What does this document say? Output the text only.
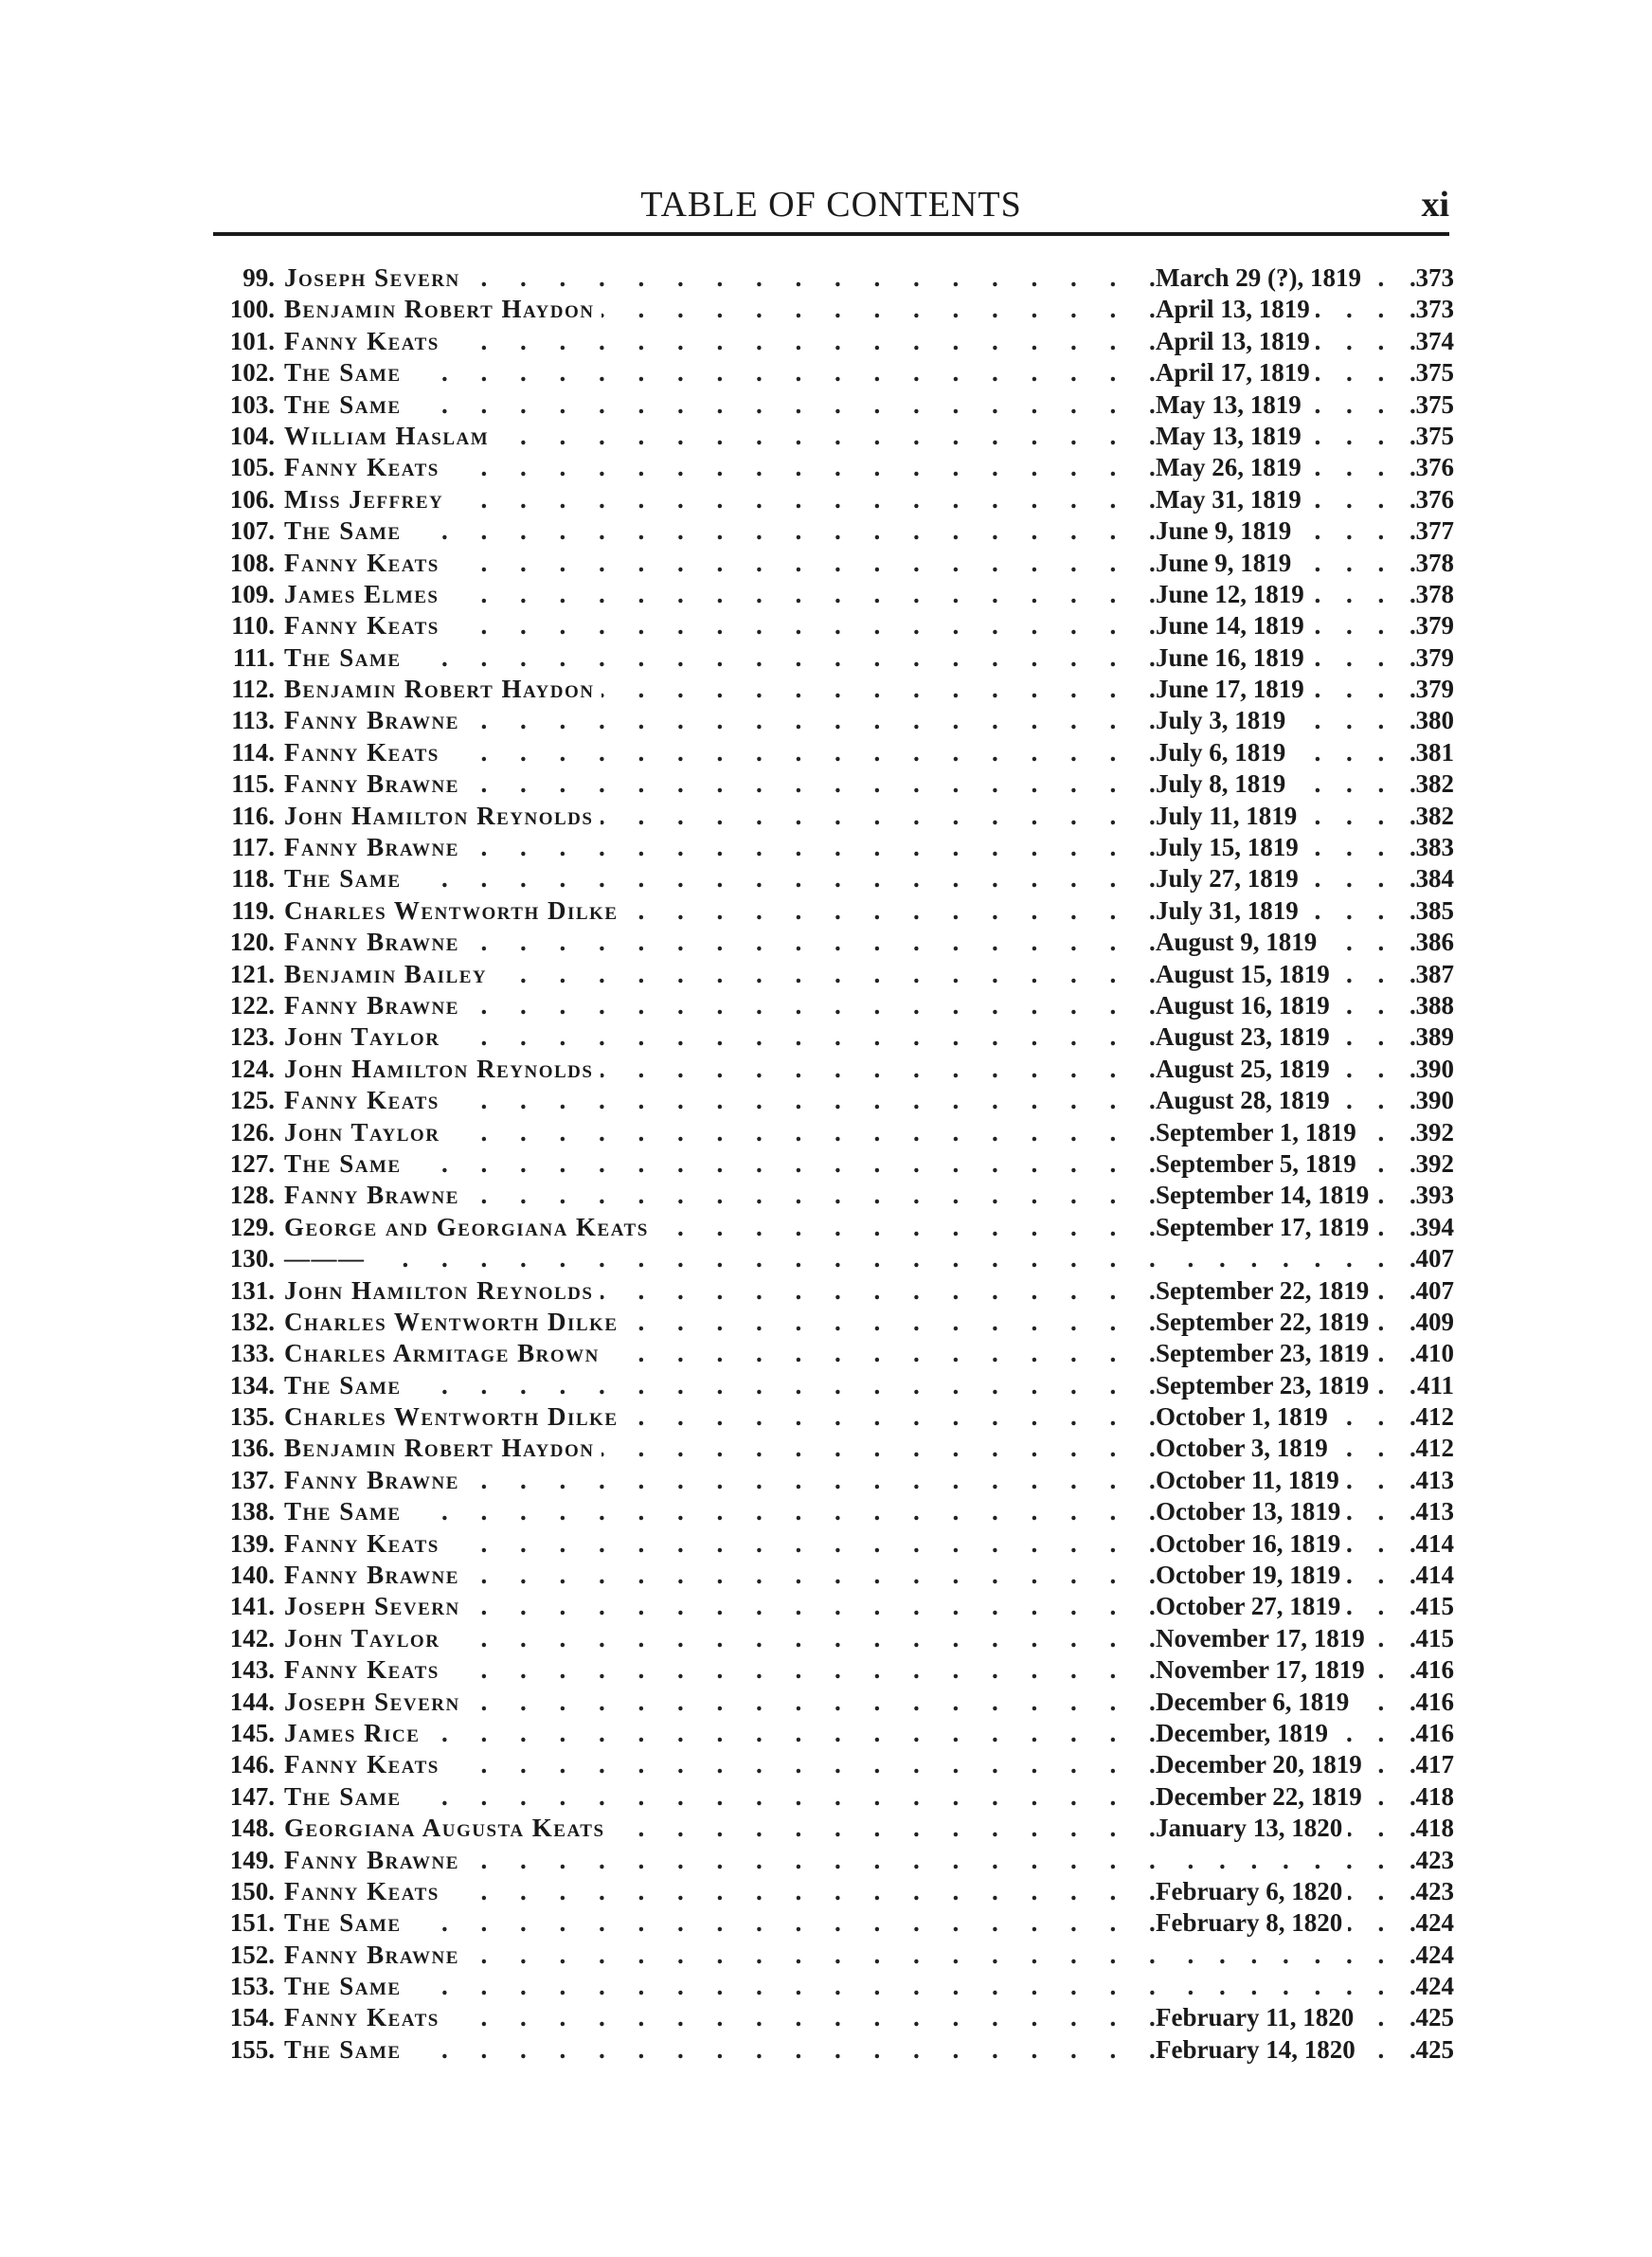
TABLE OF CONTENTS	xi
. . .
99. Joseph Severn . . .	March 29 (?), 1819	373
. . .
100. Benjamin Robert Haydon . . .	April 13, 1819	373
. . .
101. Fanny Keats . . .	April 13, 1819	374
. . .
102. The Same . . .	April 17, 1819	375
. . .
103. The Same . . .	May 13, 1819	375
. . .
104. William Haslam . . .	May 13, 1819	375
. . .
105. Fanny Keats . . .	May 26, 1819	376
. . .
106. Miss Jeffrey . . .	May 31, 1819	376
. . .
107. The Same . . .	June 9, 1819	377
. . .
108. Fanny Keats . . .	June 9, 1819	378
. . .
109. James Elmes . . .	June 12, 1819	378
. . .
110. Fanny Keats . . .	June 14, 1819	379
. . .
111. The Same . . .	June 16, 1819	379
. . .
112. Benjamin Robert Haydon . . .	June 17, 1819	379
. . .
113. Fanny Brawne . . .	July 3, 1819	380
. . .
114. Fanny Keats . . .	July 6, 1819	381
. . .
115. Fanny Brawne . . .	July 8, 1819	382
. . .
116. John Hamilton Reynolds . . .	July 11, 1819	382
. . .
117. Fanny Brawne . . .	July 15, 1819	383
. . .
118. The Same . . .	July 27, 1819	384
. . .
119. Charles Wentworth Dilke . . .	July 31, 1819	385
. . .
120. Fanny Brawne . . .	August 9, 1819	386
. . .
121. Benjamin Bailey . . .	August 15, 1819	387
. . .
122. Fanny Brawne . . .	August 16, 1819	388
. . .
123. John Taylor . . .	August 23, 1819	389
. . .
124. John Hamilton Reynolds . . .	August 25, 1819	390
. . .
125. Fanny Keats . . .	August 28, 1819	390
. . .
126. John Taylor . . .	September 1, 1819	392
. . .
127. The Same . . .	September 5, 1819	392
. . .
128. Fanny Brawne . . .	September 14, 1819	393
. . .
129. George and Georgiana Keats . . .	September 17, 1819	394
. . .
130. ——— . . .	407
. . .
131. John Hamilton Reynolds . . .	September 22, 1819	407
. . .
132. Charles Wentworth Dilke . . .	September 22, 1819	409
. . .
133. Charles Armitage Brown . . .	September 23, 1819	410
. . .
134. The Same . . .	September 23, 1819	411
. . .
135. Charles Wentworth Dilke . . .	October 1, 1819	412
. . .
136. Benjamin Robert Haydon . . .	October 3, 1819	412
. . .
137. Fanny Brawne . . .	October 11, 1819	413
. . .
138. The Same . . .	October 13, 1819	413
. . .
139. Fanny Keats . . .	October 16, 1819	414
. . .
140. Fanny Brawne . . .	October 19, 1819	414
. . .
141. Joseph Severn . . .	October 27, 1819	415
. . .
142. John Taylor . . .	November 17, 1819	415
. . .
143. Fanny Keats . . .	November 17, 1819	416
. . .
144. Joseph Severn . . .	December 6, 1819	416
. . .
145. James Rice . . .	December, 1819	416
. . .
146. Fanny Keats . . .	December 20, 1819	417
. . .
147. The Same . . .	December 22, 1819	418
. . .
148. Georgiana Augusta Keats . . .	January 13, 1820	418
. . .
149. Fanny Brawne . . .	423
. . .
150. Fanny Keats . . .	February 6, 1820	423
. . .
151. The Same . . .	February 8, 1820	424
. . .
152. Fanny Brawne . . .	424
. . .
153. The Same . . .	424
. . .
154. Fanny Keats . . .	February 11, 1820	425
. . .
155. The Same . . .	February 14, 1820	425
